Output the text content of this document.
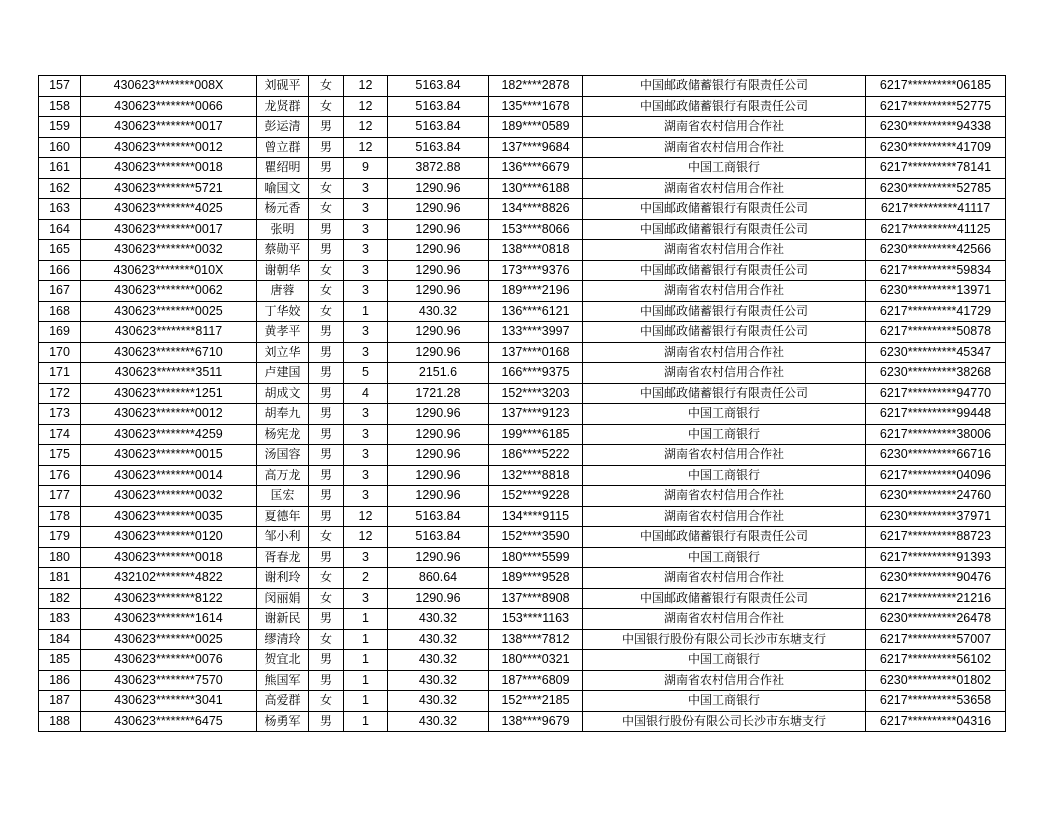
157	430623********008X	刘砚平	女	12	5163.84	182****2878	中国邮政储蓄银行有限责任公司	6217**********06185
158	430623********0066	龙贤群	女	12	5163.84	135****1678	中国邮政储蓄银行有限责任公司	6217**********52775
159	430623********0017	彭运清	男	12	5163.84	189****0589	湖南省农村信用合作社	6230**********94338
160	430623********0012	曾立群	男	12	5163.84	137****9684	湖南省农村信用合作社	6230**********41709
161	430623********0018	瞿绍明	男	9	3872.88	136****6679	中国工商银行	6217**********78141
162	430623********5721	喻国文	女	3	1290.96	130****6188	湖南省农村信用合作社	6230**********52785
163	430623********4025	杨元香	女	3	1290.96	134****8826	中国邮政储蓄银行有限责任公司	6217**********41117
164	430623********0017	张明	男	3	1290.96	153****8066	中国邮政储蓄银行有限责任公司	6217**********41125
165	430623********0032	蔡勋平	男	3	1290.96	138****0818	湖南省农村信用合作社	6230**********42566
166	430623********010X	谢朝华	女	3	1290.96	173****9376	中国邮政储蓄银行有限责任公司	6217**********59834
167	430623********0062	唐蓉	女	3	1290.96	189****2196	湖南省农村信用合作社	6230**********13971
168	430623********0025	丁华姣	女	1	430.32	136****6121	中国邮政储蓄银行有限责任公司	6217**********41729
169	430623********8117	黄孝平	男	3	1290.96	133****3997	中国邮政储蓄银行有限责任公司	6217**********50878
170	430623********6710	刘立华	男	3	1290.96	137****0168	湖南省农村信用合作社	6230**********45347
171	430623********3511	卢建国	男	5	2151.6	166****9375	湖南省农村信用合作社	6230**********38268
172	430623********1251	胡成文	男	4	1721.28	152****3203	中国邮政储蓄银行有限责任公司	6217**********94770
173	430623********0012	胡奉九	男	3	1290.96	137****9123	中国工商银行	6217**********99448
174	430623********4259	杨宪龙	男	3	1290.96	199****6185	中国工商银行	6217**********38006
175	430623********0015	汤国容	男	3	1290.96	186****5222	湖南省农村信用合作社	6230**********66716
176	430623********0014	高万龙	男	3	1290.96	132****8818	中国工商银行	6217**********04096
177	430623********0032	匡宏	男	3	1290.96	152****9228	湖南省农村信用合作社	6230**********24760
178	430623********0035	夏德年	男	12	5163.84	134****9115	湖南省农村信用合作社	6230**********37971
179	430623********0120	邹小利	女	12	5163.84	152****3590	中国邮政储蓄银行有限责任公司	6217**********88723
180	430623********0018	胥春龙	男	3	1290.96	180****5599	中国工商银行	6217**********91393
181	432102********4822	谢利玲	女	2	860.64	189****9528	湖南省农村信用合作社	6230**********90476
182	430623********8122	闵丽娟	女	3	1290.96	137****8908	中国邮政储蓄银行有限责任公司	6217**********21216
183	430623********1614	谢新民	男	1	430.32	153****1163	湖南省农村信用合作社	6230**********26478
184	430623********0025	缪清玲	女	1	430.32	138****7812	中国银行股份有限公司长沙市东塘支行	6217**********57007
185	430623********0076	贺宜北	男	1	430.32	180****0321	中国工商银行	6217**********56102
186	430623********7570	熊国军	男	1	430.32	187****6809	湖南省农村信用合作社	6230**********01802
187	430623********3041	高爱群	女	1	430.32	152****2185	中国工商银行	6217**********53658
188	430623********6475	杨勇军	男	1	430.32	138****9679	中国银行股份有限公司长沙市东塘支行	6217**********04316
